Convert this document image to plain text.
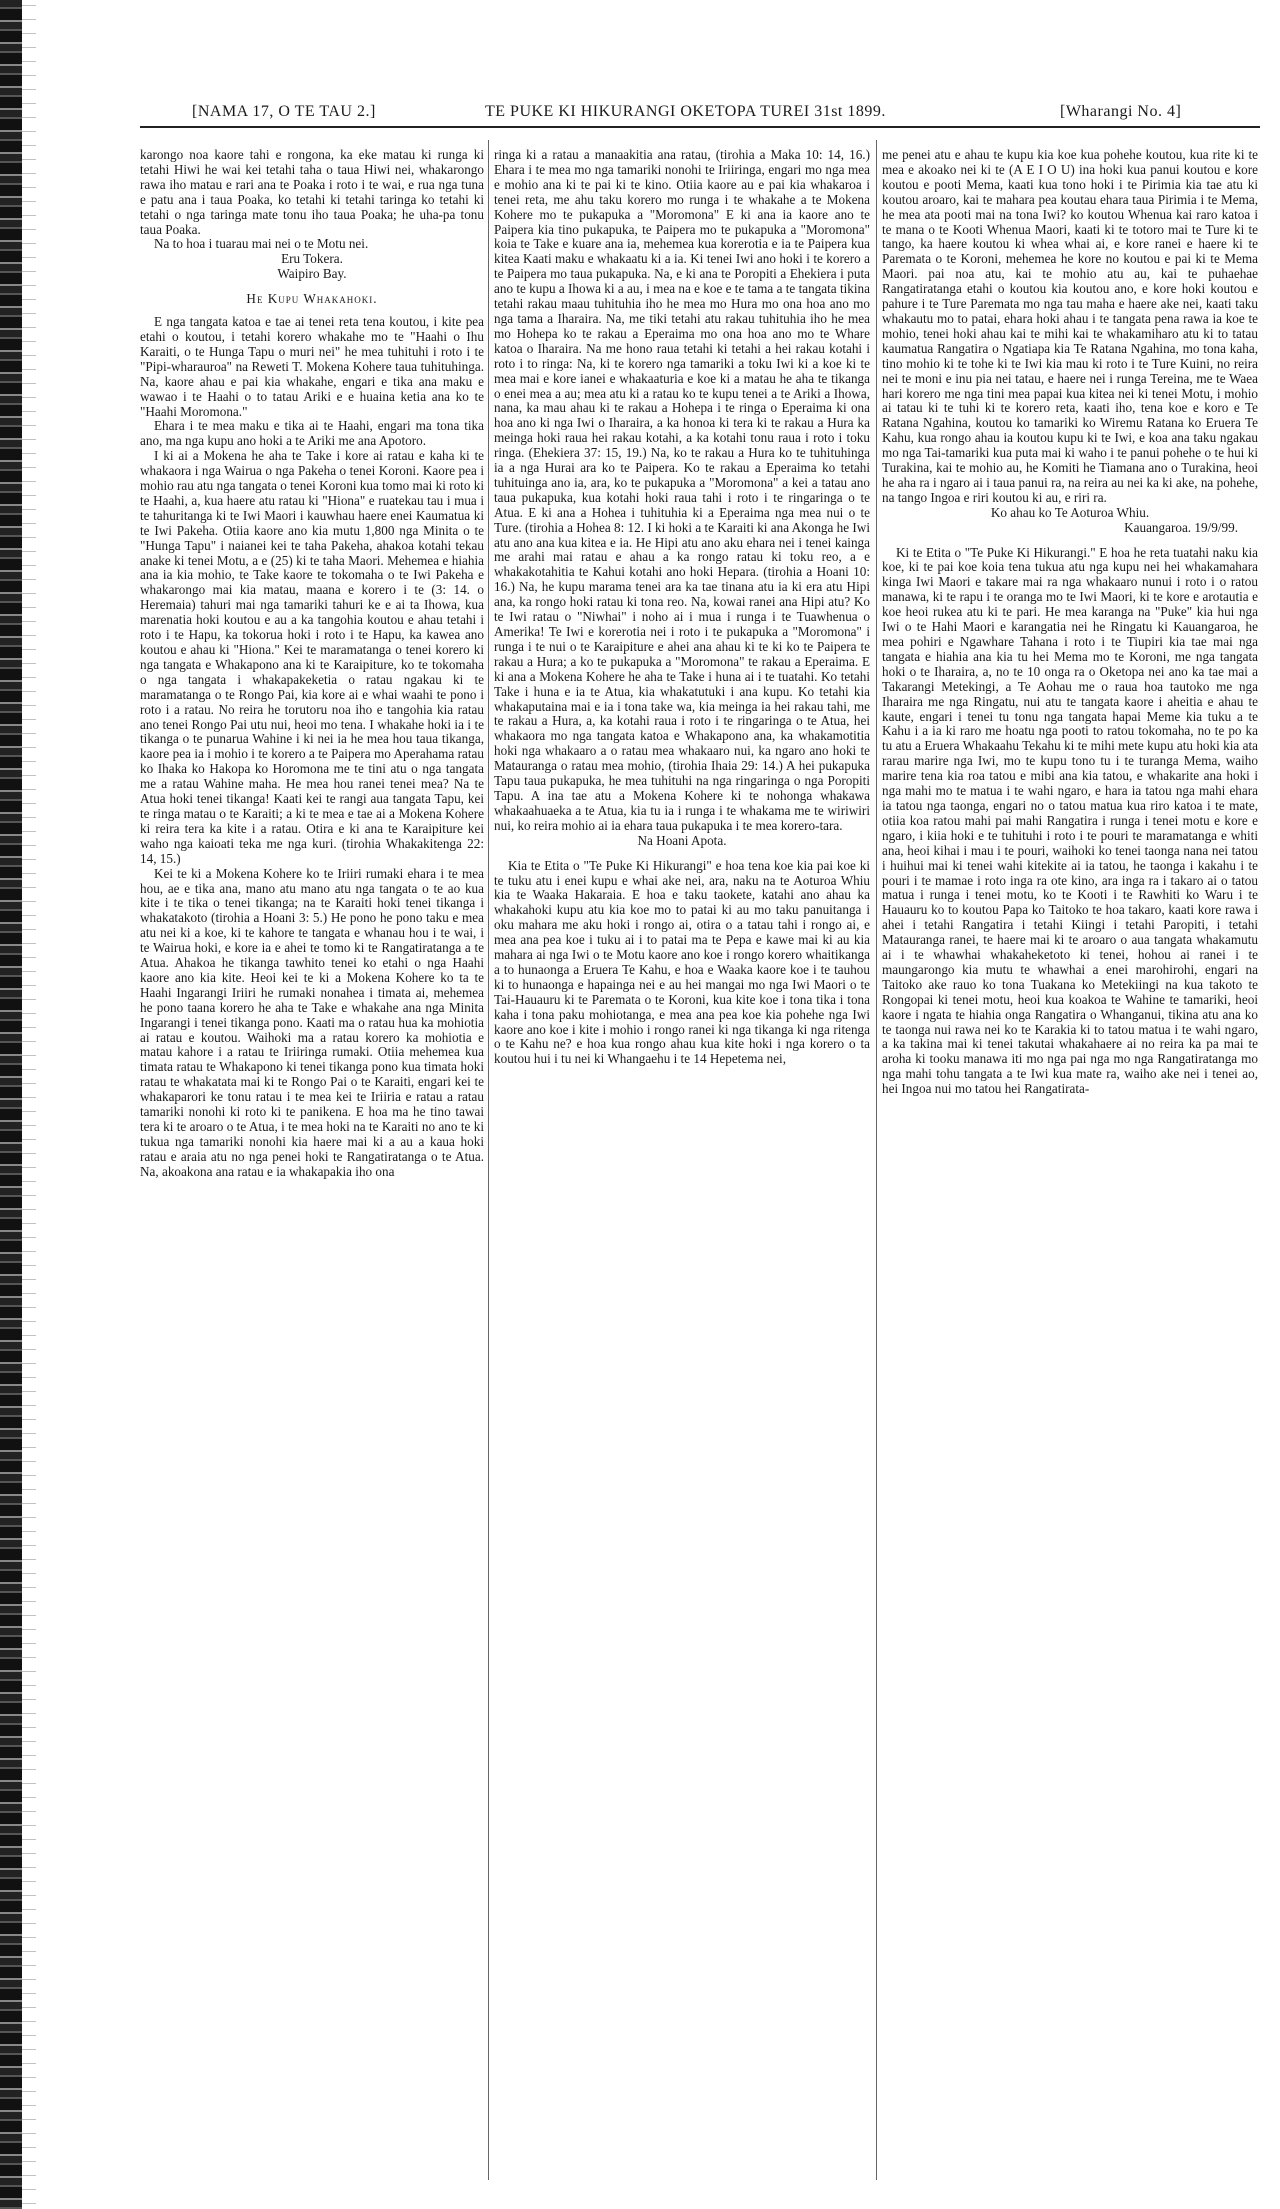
[NAMA 17, O TE TAU 2.]	TE PUKE KI HIKURANGI OKETOPA TUREI 31st 1899.	[Wharangi No. 4]

karongo noa kaore tahi e rongona, ka eke matau ki runga ki tetahi Hiwi he wai kei tetahi taha o taua Hiwi nei, whakarongo rawa iho matau e rari ana te Poaka i roto i te wai, e rua nga tuna e patu ana i taua Poaka, ko tetahi ki tetahi taringa ko tetahi ki tetahi o nga taringa mate tonu iho taua Poaka; he uha-pa tonu taua Poaka.

Na to hoa i tuarau mai nei o te Motu nei.

Eru Tokera.

Waipiro Bay.

He Kupu Whakahoki.

E nga tangata katoa e tae ai tenei reta tena koutou, i kite pea etahi o koutou, i tetahi korero whakahe mo te "Haahi o Ihu Karaiti, o te Hunga Tapu o muri nei" he mea tuhituhi i roto i te "Pipi-wharauroa" na Reweti T. Mokena Kohere taua tuhituhinga. Na, kaore ahau e pai kia whakahe, engari e tika ana maku e wawao i te Haahi o to tatau Ariki e e huaina ketia ana ko te "Haahi Moromona."

Ehara i te mea maku e tika ai te Haahi, engari ma tona tika ano, ma nga kupu ano hoki a te Ariki me ana Apotoro.

I ki ai a Mokena he aha te Take i kore ai ratau e kaha ki te whakaora i nga Wairua o nga Pakeha o tenei Koroni. Kaore pea i mohio rau atu nga tangata o tenei Koroni kua tomo mai ki roto ki te Haahi, a, kua haere atu ratau ki "Hiona" e ruatekau tau i mua i te tahuritanga ki te Iwi Maori i kauwhau haere enei Kaumatua ki te Iwi Pakeha. Otiia kaore ano kia mutu 1,800 nga Minita o te "Hunga Tapu" i naianei kei te taha Pakeha, ahakoa kotahi tekau anake ki tenei Motu, a e (25) ki te taha Maori. Mehemea e hiahia ana ia kia mohio, te Take kaore te tokomaha o te Iwi Pakeha e whakarongo mai kia matau, maana e korero i te (3: 14. o Heremaia) tahuri mai nga tamariki tahuri ke e ai ta Ihowa, kua marenatia hoki koutou e au a ka tangohia koutou e ahau tetahi i roto i te Hapu, ka tokorua hoki i roto i te Hapu, ka kawea ano koutou e ahau ki "Hiona." Kei te maramatanga o tenei korero ki nga tangata e Whakapono ana ki te Karaipiture, ko te tokomaha o nga tangata i whakapakeketia o ratau ngakau ki te maramatanga o te Rongo Pai, kia kore ai e whai waahi te pono i roto i a ratau. No reira he torutoru noa iho e tangohia kia ratau ano tenei Rongo Pai utu nui, heoi mo tena. I whakahe hoki ia i te tikanga o te punarua Wahine i ki nei ia he mea hou taua tikanga, kaore pea ia i mohio i te korero a te Paipera mo Aperahama ratau ko Ihaka ko Hakopa ko Horomona me te tini atu o nga tangata me a ratau Wahine maha. He mea hou ranei tenei mea? Na te Atua hoki tenei tikanga! Kaati kei te rangi aua tangata Tapu, kei te ringa matau o te Karaiti; a ki te mea e tae ai a Mokena Kohere ki reira tera ka kite i a ratau. Otira e ki ana te Karaipiture kei waho nga kaioati teka me nga kuri. (tirohia Whakakitenga 22: 14, 15.)

Kei te ki a Mokena Kohere ko te Iriiri rumaki ehara i te mea hou, ae e tika ana, mano atu mano atu nga tangata o te ao kua kite i te tika o tenei tikanga; na te Karaiti hoki tenei tikanga i whakatakoto (tirohia a Hoani 3: 5.) He pono he pono taku e mea atu nei ki a koe, ki te kahore te tangata e whanau hou i te wai, i te Wairua hoki, e kore ia e ahei te tomo ki te Rangatiratanga a te Atua. Ahakoa he tikanga tawhito tenei ko etahi o nga Haahi kaore ano kia kite. Heoi kei te ki a Mokena Kohere ko ta te Haahi Ingarangi Iriiri he rumaki nonahea i timata ai, mehemea he pono taana korero he aha te Take e whakahe ana nga Minita Ingarangi i tenei tikanga pono. Kaati ma o ratau hua ka mohiotia ai ratau e koutou. Waihoki ma a ratau korero ka mohiotia e matau kahore i a ratau te Iriiringa rumaki. Otiia mehemea kua timata ratau te Whakapono ki tenei tikanga pono kua timata hoki ratau te whakatata mai ki te Rongo Pai o te Karaiti, engari kei te whakaparori ke tonu ratau i te mea kei te Iriiria e ratau a ratau tamariki nonohi ki roto ki te panikena. E hoa ma he tino tawai tera ki te aroaro o te Atua, i te mea hoki na te Karaiti no ano te ki tukua nga tamariki nonohi kia haere mai ki a au a kaua hoki ratau e araia atu no nga penei hoki te Rangatiratanga o te Atua. Na, akoakona ana ratau e ia whakapakia iho ona

ringa ki a ratau a manaakitia ana ratau, (tirohia a Maka 10: 14, 16.) Ehara i te mea mo nga tamariki nonohi te Iriiringa, engari mo nga mea e mohio ana ki te pai ki te kino. Otiia kaore au e pai kia whakaroa i tenei reta, me ahu taku korero mo runga i te whakahe a te Mokena Kohere mo te pukapuka a "Moromona" E ki ana ia kaore ano te Paipera kia tino pukapuka, te Paipera mo te pukapuka a "Moromona" koia te Take e kuare ana ia, mehemea kua korerotia e ia te Paipera kua kitea Kaati maku e whakaatu ki a ia. Ki tenei Iwi ano hoki i te korero a te Paipera mo taua pukapuka. Na, e ki ana te Poropiti a Ehekiera i puta ano te kupu a Ihowa ki a au, i mea na e koe e te tama a te tangata tikina tetahi rakau maau tuhituhia iho he mea mo Hura mo ona hoa ano mo nga tama a Iharaira. Na, me tiki tetahi atu rakau tuhituhia iho he mea mo Hohepa ko te rakau a Eperaima mo ona hoa ano mo te Whare katoa o Iharaira. Na me hono raua tetahi ki tetahi a hei rakau kotahi i roto i to ringa: Na, ki te korero nga tamariki a toku Iwi ki a koe ki te mea mai e kore ianei e whakaaturia e koe ki a matau he aha te tikanga o enei mea a au; mea atu ki a ratau ko te kupu tenei a te Ariki a Ihowa, nana, ka mau ahau ki te rakau a Hohepa i te ringa o Eperaima ki ona hoa ano ki nga Iwi o Iharaira, a ka honoa ki tera ki te rakau a Hura ka meinga hoki raua hei rakau kotahi, a ka kotahi tonu raua i roto i toku ringa. (Ehekiera 37: 15, 19.) Na, ko te rakau a Hura ko te tuhituhinga ia a nga Hurai ara ko te Paipera. Ko te rakau a Eperaima ko tetahi tuhituinga ano ia, ara, ko te pukapuka a "Moromona" a kei a tatau ano taua pukapuka, kua kotahi hoki raua tahi i roto i te ringaringa o te Atua. E ki ana a Hohea i tuhituhia ki a Eperaima nga mea nui o te Ture. (tirohia a Hohea 8: 12. I ki hoki a te Karaiti ki ana Akonga he Iwi atu ano ana kua kitea e ia. He Hipi atu ano aku ehara nei i tenei kainga me arahi mai ratau e ahau a ka rongo ratau ki toku reo, a e whakakotahitia te Kahui kotahi ano hoki Hepara. (tirohia a Hoani 10: 16.) Na, he kupu marama tenei ara ka tae tinana atu ia ki era atu Hipi ana, ka rongo hoki ratau ki tona reo. Na, kowai ranei ana Hipi atu? Ko te Iwi ratau o "Niwhai" i noho ai i mua i runga i te Tuawhenua o Amerika! Te Iwi e korerotia nei i roto i te pukapuka a "Moromona" i runga i te nui o te Karaipiture e ahei ana ahau ki te ki ko te Paipera te rakau a Hura; a ko te pukapuka a "Moromona" te rakau a Eperaima. E ki ana a Mokena Kohere he aha te Take i huna ai i te tuatahi. Ko tetahi Take i huna e ia te Atua, kia whakatutuki i ana kupu. Ko tetahi kia whakaputaina mai e ia i tona take wa, kia meinga ia hei rakau tahi, me te rakau a Hura, a, ka kotahi raua i roto i te ringaringa o te Atua, hei whakaora mo nga tangata katoa e Whakapono ana, ka whakamotitia hoki nga whakaaro a o ratau mea whakaaro nui, ka ngaro ano hoki te Matauranga o ratau mea mohio, (tirohia Ihaia 29: 14.) A hei pukapuka Tapu taua pukapuka, he mea tuhituhi na nga ringaringa o nga Poropiti Tapu. A ina tae atu a Mokena Kohere ki te nohonga whakawa whakaahuaeka a te Atua, kia tu ia i runga i te whakama me te wiriwiri nui, ko reira mohio ai ia ehara taua pukapuka i te mea korero-tara.

Na Hoani Apota.

Kia te Etita o "Te Puke Ki Hikurangi" e hoa tena koe kia pai koe ki te tuku atu i enei kupu e whai ake nei, ara, naku na te Aoturoa Whiu kia te Waaka Hakaraia. E hoa e taku taokete, katahi ano ahau ka whakahoki kupu atu kia koe mo to patai ki au mo taku panuitanga i oku mahara me aku hoki i rongo ai, otira o a tatau tahi i rongo ai, e mea ana pea koe i tuku ai i to patai ma te Pepa e kawe mai ki au kia mahara ai nga Iwi o te Motu kaore ano koe i rongo korero whaitikanga a to hunaonga a Eruera Te Kahu, e hoa e Waaka kaore koe i te tauhou ki to hunaonga e hapainga nei e au hei mangai mo nga Iwi Maori o te Tai-Hauauru ki te Paremata o te Koroni, kua kite koe i tona tika i tona kaha i tona paku mohiotanga, e mea ana pea koe kia pohehe nga Iwi kaore ano koe i kite i mohio i rongo ranei ki nga tikanga ki nga ritenga o te Kahu ne? e hoa kua rongo ahau kua kite hoki i nga korero o ta koutou hui i tu nei ki Whangaehu i te 14 Hepetema nei,

me penei atu e ahau te kupu kia koe kua pohehe koutou, kua rite ki te mea e akoako nei ki te (A E I O U) ina hoki kua panui koutou e kore koutou e pooti Mema, kaati kua tono hoki i te Pirimia kia tae atu ki koutou aroaro, kai te mahara pea koutau ehara taua Pirimia i te Mema, he mea ata pooti mai na tona Iwi? ko koutou Whenua kai raro katoa i te mana o te Kooti Whenua Maori, kaati ki te totoro mai te Ture ki te tango, ka haere koutou ki whea whai ai, e kore ranei e haere ki te Paremata o te Koroni, mehemea he kore no koutou e pai ki te Mema Maori. pai noa atu, kai te mohio atu au, kai te puhaehae Rangatiratanga etahi o koutou kia koutou ano, e kore hoki koutou e pahure i te Ture Paremata mo nga tau maha e haere ake nei, kaati taku whakautu mo to patai, ehara hoki ahau i te tangata pena rawa ia koe te mohio, tenei hoki ahau kai te mihi kai te whakamiharo atu ki to tatau kaumatua Rangatira o Ngatiapa kia Te Ratana Ngahina, mo tona kaha, tino mohio ki te tohe ki te Iwi kia mau ki roto i te Ture Kuini, no reira nei te moni e inu pia nei tatau, e haere nei i runga Tereina, me te Waea hari korero me nga tini mea papai kua kitea nei ki tenei Motu, i mohio ai tatau ki te tuhi ki te korero reta, kaati iho, tena koe e koro e Te Ratana Ngahina, koutou ko tamariki ko Wiremu Ratana ko Eruera Te Kahu, kua rongo ahau ia koutou kupu ki te Iwi, e koa ana taku ngakau mo nga Tai-tamariki kua puta mai ki waho i te panui pohehe o te hui ki Turakina, kai te mohio au, he Komiti he Tiamana ano o Turakina, heoi he aha ra i ngaro ai i taua panui ra, na reira au nei ka ki ake, na pohehe, na tango Ingoa e riri koutou ki au, e riri ra.

Ko ahau ko Te Aoturoa Whiu.

Kauangaroa. 19/9/99.

Ki te Etita o "Te Puke Ki Hikurangi." E hoa he reta tuatahi naku kia koe, ki te pai koe koia tena tukua atu nga kupu nei hei whakamahara kinga Iwi Maori e takare mai ra nga whakaaro nunui i roto i o ratou manawa, ki te rapu i te oranga mo te Iwi Maori, ki te kore e arotautia e koe heoi rukea atu ki te pari. He mea karanga na "Puke" kia hui nga Iwi o te Hahi Maori e karangatia nei he Ringatu ki Kauangaroa, he mea pohiri e Ngawhare Tahana i roto i te Tiupiri kia tae mai nga tangata e hiahia ana kia tu hei Mema mo te Koroni, me nga tangata hoki o te Iharaira, a, no te 10 onga ra o Oketopa nei ano ka tae mai a Takarangi Metekingi, a Te Aohau me o raua hoa tautoko me nga Iharaira me nga Ringatu, nui atu te tangata kaore i aheitia e ahau te kaute, engari i tenei tu tonu nga tangata hapai Meme kia tuku a te Kahu i a ia ki raro me hoatu nga pooti to ratou tokomaha, no te po ka tu atu a Eruera Whakaahu Tekahu ki te mihi mete kupu atu hoki kia ata rarau marire nga Iwi, mo te kupu tono tu i te turanga Mema, waiho marire tena kia roa tatou e mibi ana kia tatou, e whakarite ana hoki i nga mahi mo te matua i te wahi ngaro, e hara ia tatou nga mahi ehara ia tatou nga taonga, engari no o tatou matua kua riro katoa i te mate, otiia koa ratou mahi pai mahi Rangatira i runga i tenei motu e kore e ngaro, i kiia hoki e te tuhituhi i roto i te pouri te maramatanga e whiti ana, heoi kihai i mau i te pouri, waihoki ko tenei taonga nana nei tatou i huihui mai ki tenei wahi kitekite ai ia tatou, he taonga i kakahu i te pouri i te mamae i roto inga ra ote kino, ara inga ra i takaro ai o tatou matua i runga i tenei motu, ko te Kooti i te Rawhiti ko Waru i te Hauauru ko to koutou Papa ko Taitoko te hoa takaro, kaati kore rawa i ahei i tetahi Rangatira i tetahi Kiingi i tetahi Paropiti, i tetahi Matauranga ranei, te haere mai ki te aroaro o aua tangata whakamutu ai i te whawhai whakaheketoto ki tenei, hohou ai ranei i te maungarongo kia mutu te whawhai a enei marohirohi, engari na Taitoko ake rauo ko tona Tuakana ko Metekiingi na kua takoto te Rongopai ki tenei motu, heoi kua koakoa te Wahine te tamariki, heoi kaore i ngata te hiahia onga Rangatira o Whanganui, tikina atu ana ko te taonga nui rawa nei ko te Karakia ki to tatou matua i te wahi ngaro, a ka takina mai ki tenei takutai whakahaere ai no reira ka pa mai te aroha ki tooku manawa iti mo nga pai nga mo nga Rangatiratanga mo nga mahi tohu tangata a te Iwi kua mate ra, waiho ake nei i tenei ao, hei Ingoa nui mo tatou hei Rangatirata-
